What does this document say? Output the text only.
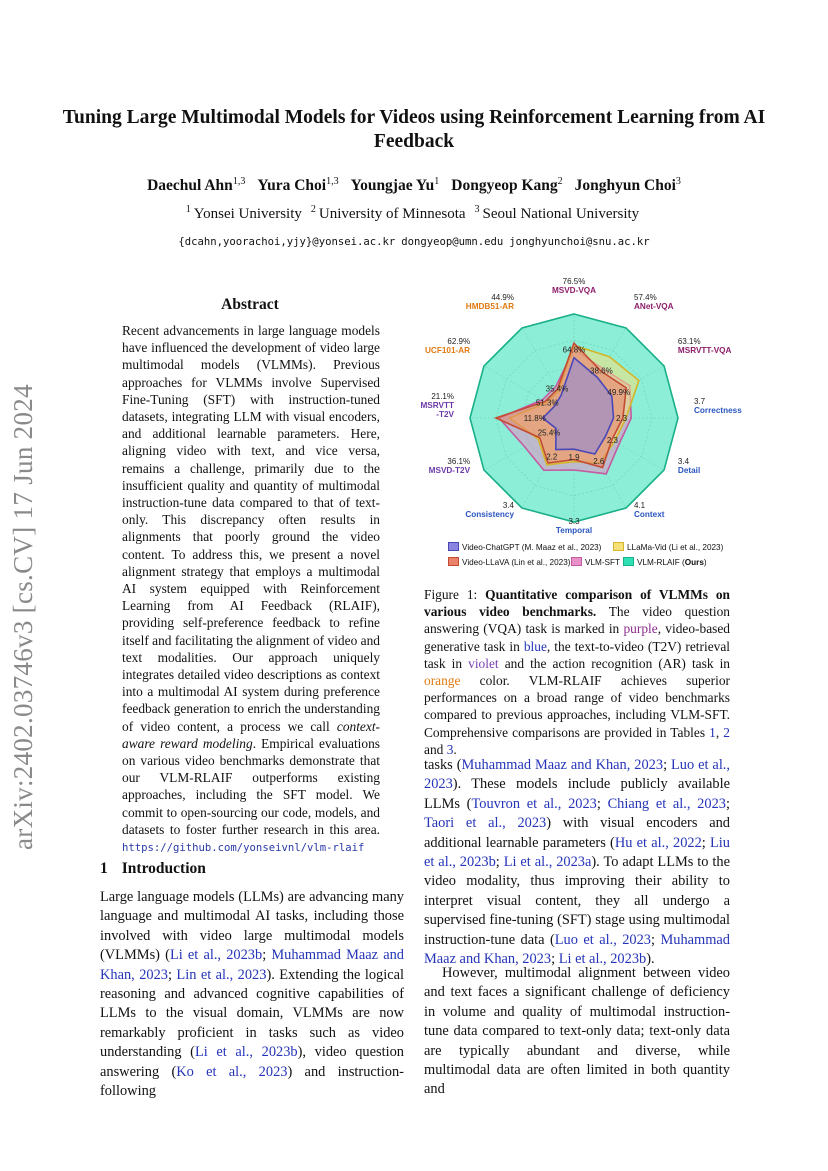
Tuning Large Multimodal Models for Videos using Reinforcement Learning from AI Feedback
Daechul Ahn$^{1,3}$ Yura Choi$^{1,3}$ Youngjae Yu$^1$ Dongyeop Kang$^2$ Jonghyun Choi$^3$
$^1$ Yonsei University $^2$ University of Minnesota $^3$ Seoul National University
{dcahn,yoorachoi,yjy}@yonsei.ac.kr dongyeop@umn.edu jonghyunchoi@snu.ac.kr
arXiv:2402.03746v3 [cs.CV] 17 Jun 2024
Abstract
Recent advancements in large language models have influenced the development of video large multimodal models (VLMMs). Previous approaches for VLMMs involve Supervised Fine-Tuning (SFT) with instruction-tuned datasets, integrating LLM with visual encoders, and additional learnable parameters. Here, aligning video with text, and vice versa, remains a challenge, primarily due to the insufficient quality and quantity of multimodal instruction-tune data compared to that of text-only. This discrepancy often results in alignments that poorly ground the video content. To address this, we present a novel alignment strategy that employs a multimodal AI system equipped with Reinforcement Learning from AI Feedback (RLAIF), providing self-preference feedback to refine itself and facilitating the alignment of video and text modalities. Our approach uniquely integrates detailed video descriptions as context into a multimodal AI system during preference feedback generation to enrich the understanding of video content, a process we call context-aware reward modeling. Empirical evaluations on various video benchmarks demonstrate that our VLM-RLAIF outperforms existing approaches, including the SFT model. We commit to open-sourcing our code, models, and datasets to foster further research in this area. https://github.com/yonseivnl/vlm-rlaif
1 Introduction
Large language models (LLMs) are advancing many language and multimodal AI tasks, including those involved with video large multimodal models (VLMMs) (Li et al., 2023b; Muhammad Maaz and Khan, 2023; Lin et al., 2023). Extending the logical reasoning and advanced cognitive capabilities of LLMs to the visual domain, VLMMs are now remarkably proficient in tasks such as video understanding (Li et al., 2023b), video question answering (Ko et al., 2023) and instruction-following
tasks (Muhammad Maaz and Khan, 2023; Luo et al., 2023). These models include publicly available LLMs (Touvron et al., 2023; Chiang et al., 2023; Taori et al., 2023) with visual encoders and additional learnable parameters (Hu et al., 2022; Liu et al., 2023b; Li et al., 2023a). To adapt LLMs to the video modality, thus improving their ability to interpret visual content, they all undergo a supervised fine-tuning (SFT) stage using multimodal instruction-tune data (Luo et al., 2023; Muhammad Maaz and Khan, 2023; Li et al., 2023b).
However, multimodal alignment between video and text faces a significant challenge of deficiency in volume and quality of multimodal instruction-tune data compared to text-only data; text-only data are typically abundant and diverse, while multimodal data are often limited in both quantity and
64.8%
38.6%
49.9%
2.3
2.3
2.6
1.9
2.2
25.4%
11.8%
51.3%
35.4%
MSVD-VQA
76.5%
ANet-VQA
57.4%
MSRVTT-VQA
63.1%
Correctness
3.7
Detail
3.4
Context
4.1
Temporal
3.3
Consistency
3.4
MSVD-T2V
36.1%
MSRVTT
-T2V
21.1%
UCF101-AR
62.9%
HMDB51-AR
44.9%
Video-ChatGPT (M. Maaz et al., 2023)	LLaMa-Vid (Li et al., 2023)
Video-LLaVA (Lin et al., 2023)	VLM-SFT	VLM-RLAIF (Ours)
Figure 1: Quantitative comparison of VLMMs on various video benchmarks. The video question answering (VQA) task is marked in purple, video-based generative task in blue, the text-to-video (T2V) retrieval task in violet and the action recognition (AR) task in orange color. VLM-RLAIF achieves superior performances on a broad range of video benchmarks compared to previous approaches, including VLM-SFT. Comprehensive comparisons are provided in Tables 1, 2 and 3.
